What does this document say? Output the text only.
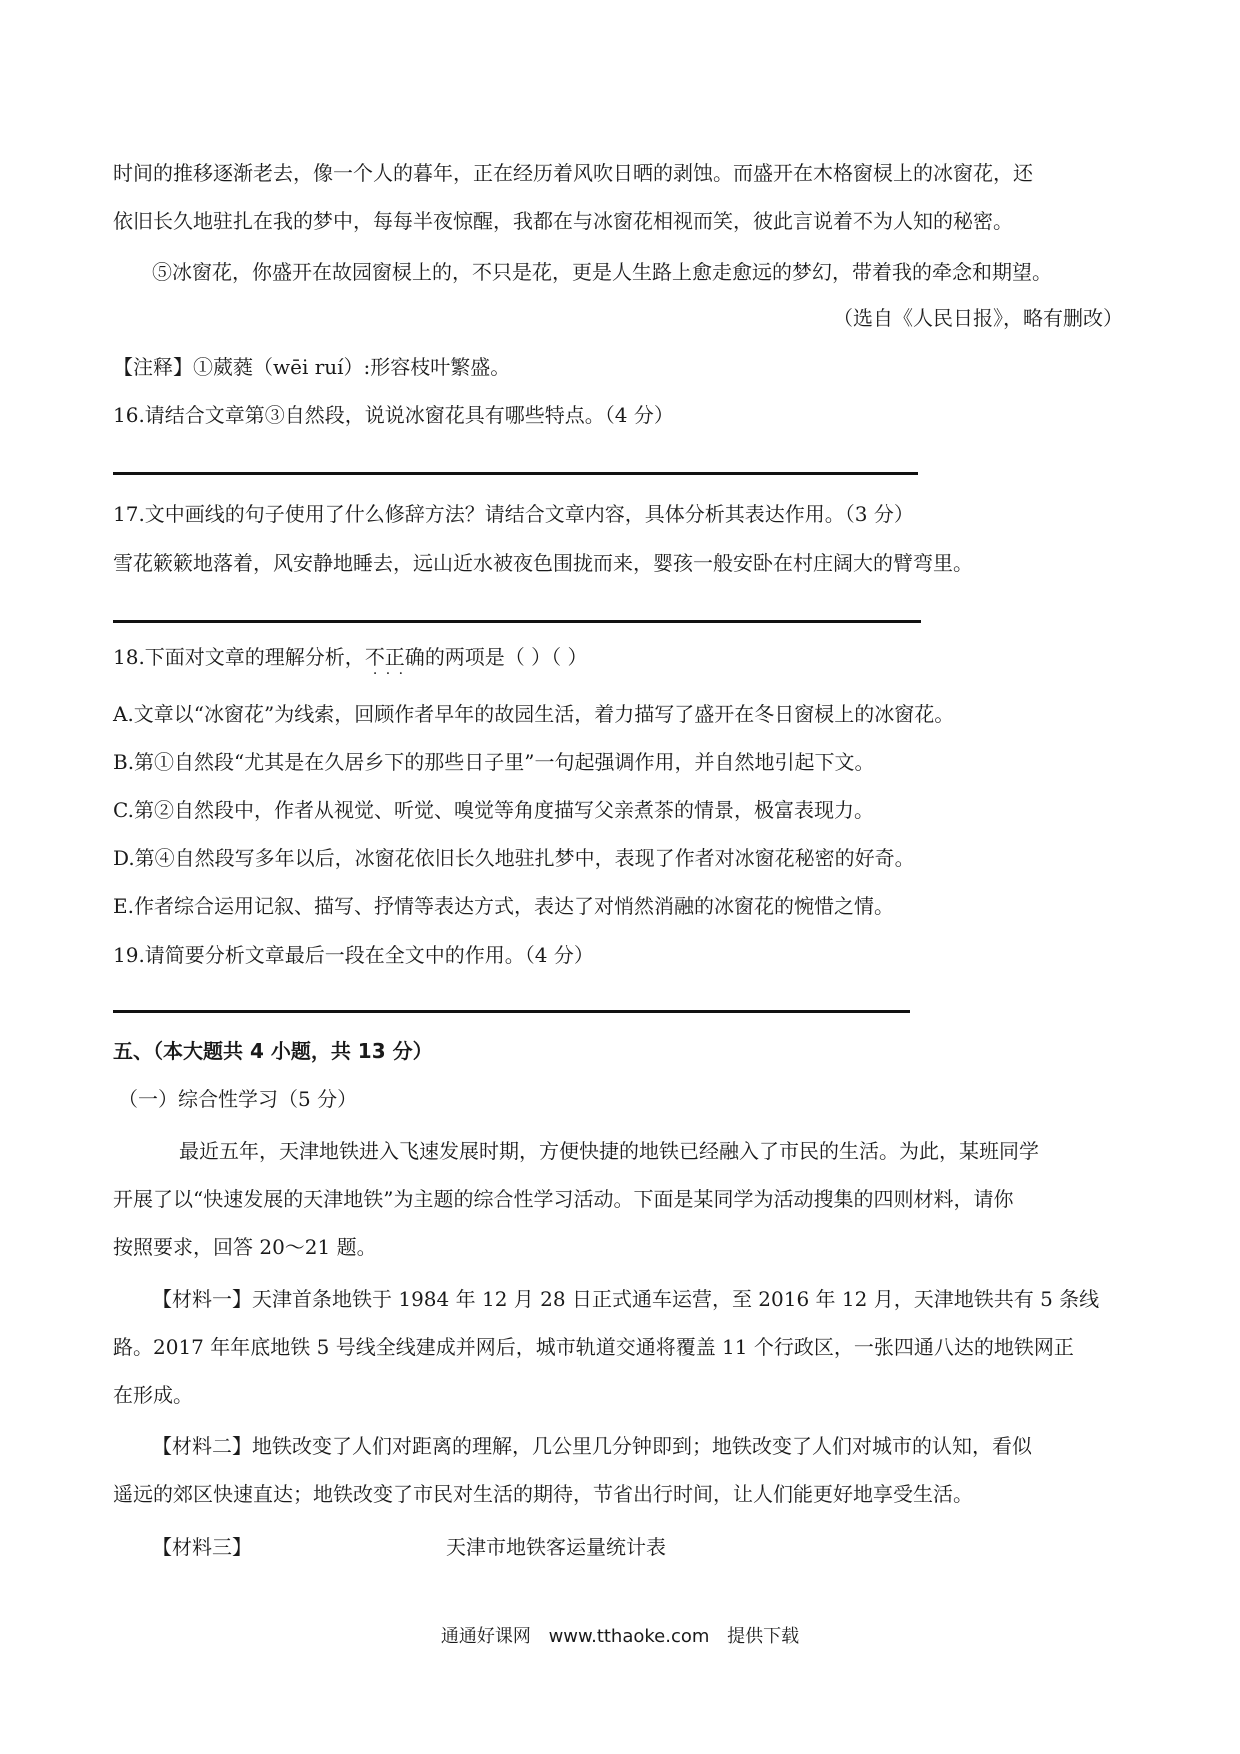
时间的推移逐渐老去，像一个人的暮年，正在经历着风吹日晒的剥蚀。而盛开在木格窗棂上的冰窗花，还
依旧长久地驻扎在我的梦中，每每半夜惊醒，我都在与冰窗花相视而笑，彼此言说着不为人知的秘密。
⑤冰窗花，你盛开在故园窗棂上的，不只是花，更是人生路上愈走愈远的梦幻，带着我的牵念和期望。
（选自《人民日报》，略有删改）
【注释】①葳蕤（wēi ruí）:形容枝叶繁盛。
16.请结合文章第③自然段，说说冰窗花具有哪些特点。（4 分）
17.文中画线的句子使用了什么修辞方法？请结合文章内容，具体分析其表达作用。（3 分）
雪花簌簌地落着，风安静地睡去，远山近水被夜色围拢而来，婴孩一般安卧在村庄阔大的臂弯里。
18.下面对文章的理解分析，不正确 · · ·的两项是（ ）（ ）
A.文章以“冰窗花”为线索，回顾作者早年的故园生活，着力描写了盛开在冬日窗棂上的冰窗花。
B.第①自然段“尤其是在久居乡下的那些日子里”一句起强调作用，并自然地引起下文。
C.第②自然段中，作者从视觉、听觉、嗅觉等角度描写父亲煮茶的情景，极富表现力。
D.第④自然段写多年以后，冰窗花依旧长久地驻扎梦中，表现了作者对冰窗花秘密的好奇。
E.作者综合运用记叙、描写、抒情等表达方式，表达了对悄然消融的冰窗花的惋惜之情。
19.请简要分析文章最后一段在全文中的作用。（4 分）
五、（本大题共 4 小题，共 13 分）
（一）综合性学习（5 分）
最近五年，天津地铁进入飞速发展时期，方便快捷的地铁已经融入了市民的生活。为此，某班同学
开展了以“快速发展的天津地铁”为主题的综合性学习活动。下面是某同学为活动搜集的四则材料，请你
按照要求，回答 20～21 题。
【材料一】天津首条地铁于 1984 年 12 月 28 日正式通车运营，至 2016 年 12 月，天津地铁共有 5 条线
路。2017 年年底地铁 5 号线全线建成并网后，城市轨道交通将覆盖 11 个行政区，一张四通八达的地铁网正
在形成。
【材料二】地铁改变了人们对距离的理解，几公里几分钟即到；地铁改变了人们对城市的认知，看似
遥远的郊区快速直达；地铁改变了市民对生活的期待，节省出行时间，让人们能更好地享受生活。
【材料三】	天津市地铁客运量统计表
通通好课网 www.tthaoke.com 提供下载
